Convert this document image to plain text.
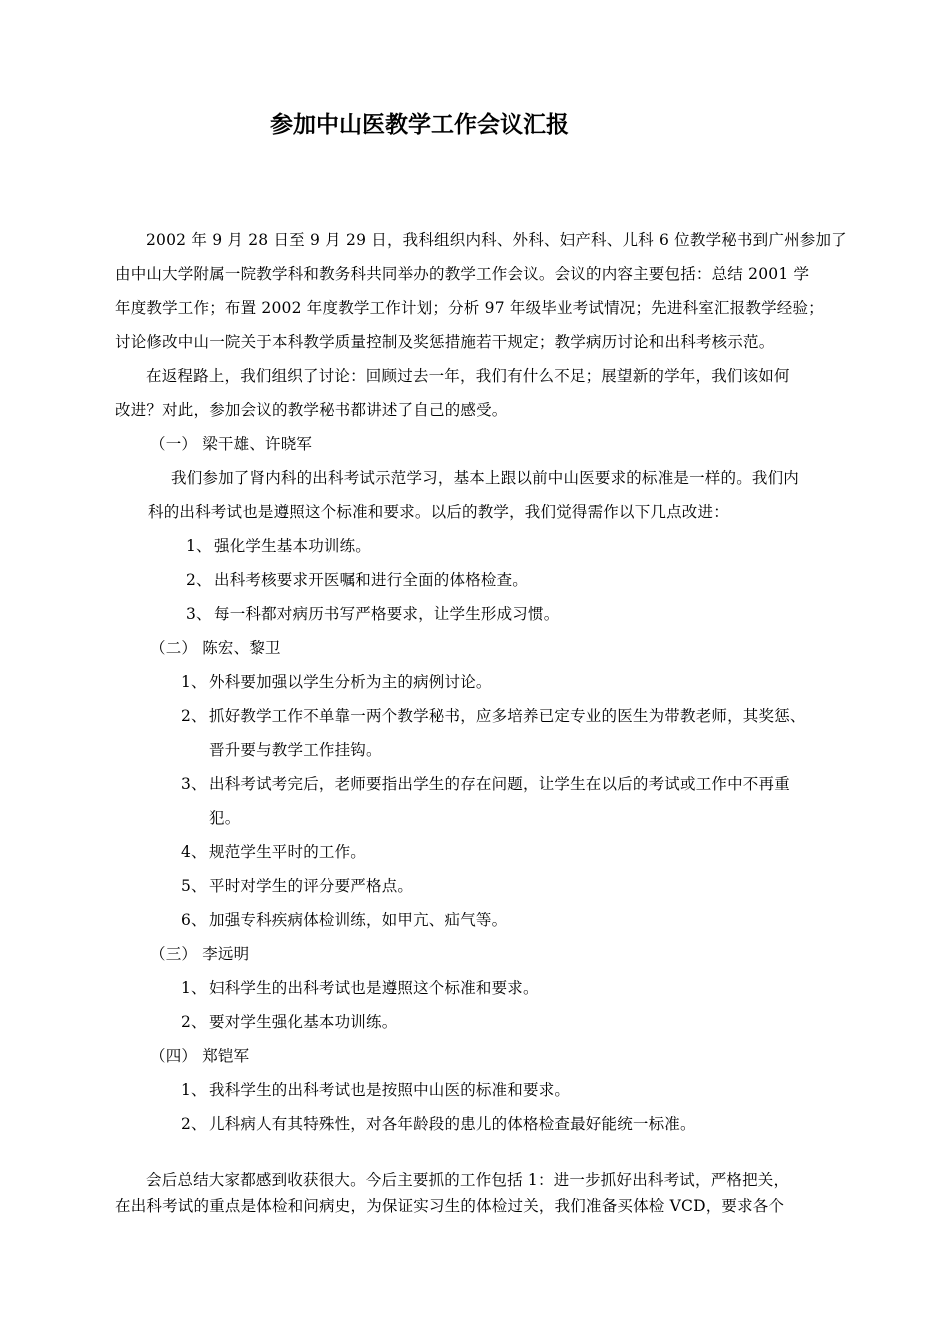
参加中山医教学工作会议汇报
2002 年 9 月 28 日至 9 月 29 日，我科组织内科、外科、妇产科、儿科 6 位教学秘书到广州参加了
由中山大学附属一院教学科和教务科共同举办的教学工作会议。会议的内容主要包括：总结 2001 学
年度教学工作；布置 2002 年度教学工作计划；分析 97 年级毕业考试情况；先进科室汇报教学经验；
讨论修改中山一院关于本科教学质量控制及奖惩措施若干规定；教学病历讨论和出科考核示范。
在返程路上，我们组织了讨论：回顾过去一年，我们有什么不足；展望新的学年，我们该如何
改进？对此，参加会议的教学秘书都讲述了自己的感受。
（一） 梁干雄、许晓军
我们参加了肾内科的出科考试示范学习，基本上跟以前中山医要求的标准是一样的。我们内
科的出科考试也是遵照这个标准和要求。以后的教学，我们觉得需作以下几点改进：
1、 强化学生基本功训练。
2、 出科考核要求开医嘱和进行全面的体格检查。
3、 每一科都对病历书写严格要求，让学生形成习惯。
（二） 陈宏、黎卫
1、 外科要加强以学生分析为主的病例讨论。
2、 抓好教学工作不单靠一两个教学秘书，应多培养已定专业的医生为带教老师，其奖惩、
晋升要与教学工作挂钩。
3、 出科考试考完后，老师要指出学生的存在问题，让学生在以后的考试或工作中不再重
犯。
4、 规范学生平时的工作。
5、 平时对学生的评分要严格点。
6、 加强专科疾病体检训练，如甲亢、疝气等。
（三） 李远明
1、 妇科学生的出科考试也是遵照这个标准和要求。
2、 要对学生强化基本功训练。
（四） 郑铠军
1、 我科学生的出科考试也是按照中山医的标准和要求。
2、 儿科病人有其特殊性，对各年龄段的患儿的体格检查最好能统一标准。
会后总结大家都感到收获很大。今后主要抓的工作包括 1：进一步抓好出科考试，严格把关，
在出科考试的重点是体检和问病史，为保证实习生的体检过关，我们准备买体检 VCD，要求各个
